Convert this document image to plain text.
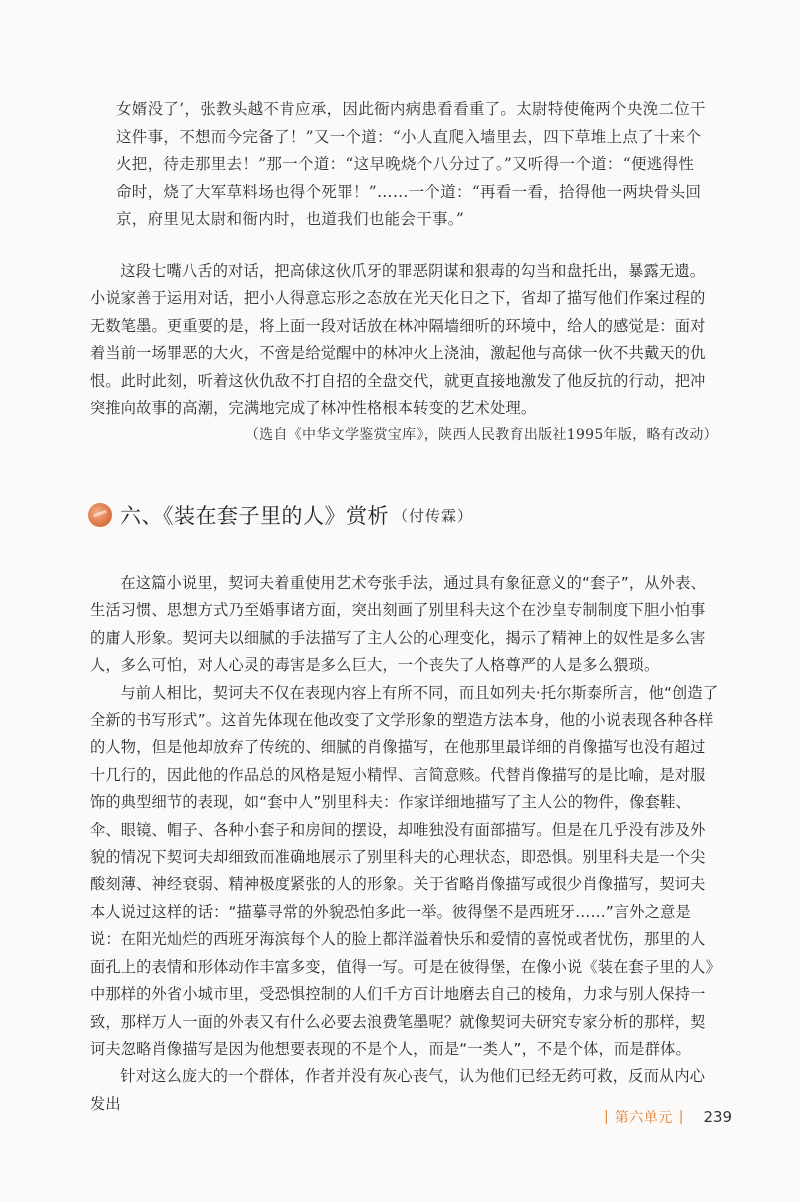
女婿没了’，张教头越不肯应承，因此衙内病患看看重了。太尉特使俺两个央浼二位干

这件事，不想而今完备了！”又一个道：“小人直爬入墙里去，四下草堆上点了十来个

火把，待走那里去！”那一个道：“这早晚烧个八分过了。”又听得一个道：“便逃得性

命时，烧了大军草料场也得个死罪！”……一个道：“再看一看，拾得他一两块骨头回

京，府里见太尉和衙内时，也道我们也能会干事。”

这段七嘴八舌的对话，把高俅这伙爪牙的罪恶阴谋和狠毒的勾当和盘托出，暴露无遗。小说家善于运用对话，把小人得意忘形之态放在光天化日之下，省却了描写他们作案过程的无数笔墨。更重要的是，将上面一段对话放在林冲隔墙细听的环境中，给人的感觉是：面对着当前一场罪恶的大火，不啻是给觉醒中的林冲火上浇油，激起他与高俅一伙不共戴天的仇恨。此时此刻，听着这伙仇敌不打自招的全盘交代，就更直接地激发了他反抗的行动，把冲突推向故事的高潮，完满地完成了林冲性格根本转变的艺术处理。

（选自《中华文学鉴赏宝库》，陕西人民教育出版社1995年版，略有改动）
六、《装在套子里的人》赏析 （付传霖）

在这篇小说里，契诃夫着重使用艺术夸张手法，通过具有象征意义的“套子”，从外表、生活习惯、思想方式乃至婚事诸方面，突出刻画了别里科夫这个在沙皇专制制度下胆小怕事的庸人形象。契诃夫以细腻的手法描写了主人公的心理变化，揭示了精神上的奴性是多么害人，多么可怕，对人心灵的毒害是多么巨大，一个丧失了人格尊严的人是多么猥琐。

与前人相比，契诃夫不仅在表现内容上有所不同，而且如列夫·托尔斯泰所言，他“创造了全新的书写形式”。这首先体现在他改变了文学形象的塑造方法本身，他的小说表现各种各样的人物，但是他却放弃了传统的、细腻的肖像描写，在他那里最详细的肖像描写也没有超过十几行的，因此他的作品总的风格是短小精悍、言简意赅。代替肖像描写的是比喻，是对服饰的典型细节的表现，如“套中人”别里科夫：作家详细地描写了主人公的物件，像套鞋、伞、眼镜、帽子、各种小套子和房间的摆设，却唯独没有面部描写。但是在几乎没有涉及外貌的情况下契诃夫却细致而准确地展示了别里科夫的心理状态，即恐惧。别里科夫是一个尖酸刻薄、神经衰弱、精神极度紧张的人的形象。关于省略肖像描写或很少肖像描写，契诃夫本人说过这样的话：“描摹寻常的外貌恐怕多此一举。彼得堡不是西班牙……”言外之意是说：在阳光灿烂的西班牙海滨每个人的脸上都洋溢着快乐和爱情的喜悦或者忧伤，那里的人面孔上的表情和形体动作丰富多变，值得一写。可是在彼得堡，在像小说《装在套子里的人》中那样的外省小城市里，受恐惧控制的人们千方百计地磨去自己的棱角，力求与别人保持一致，那样万人一面的外表又有什么必要去浪费笔墨呢？就像契诃夫研究专家分析的那样，契诃夫忽略肖像描写是因为他想要表现的不是个人，而是“一类人”，不是个体，而是群体。

针对这么庞大的一个群体，作者并没有灰心丧气，认为他们已经无药可救，反而从内心发出

| 第六单元 | 239
